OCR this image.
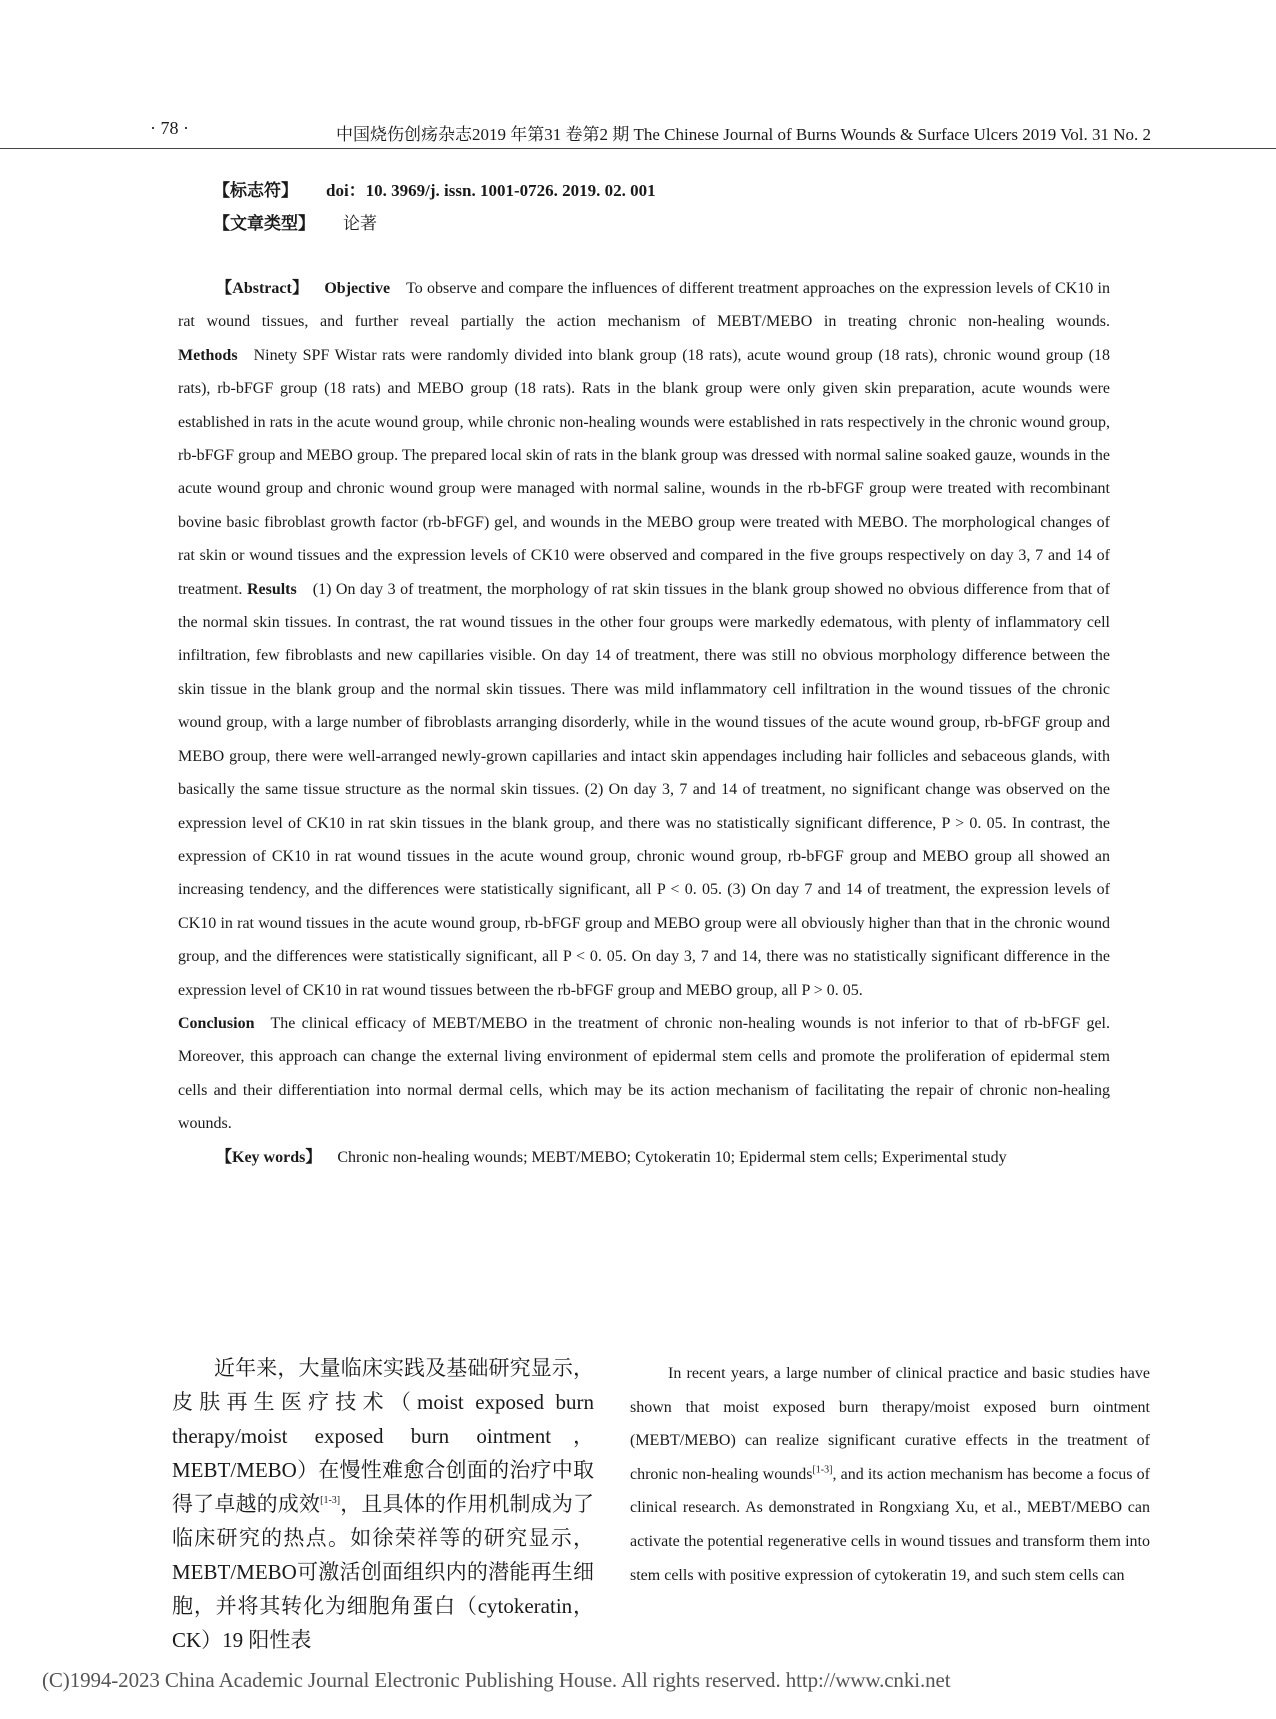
· 78 ·	中国烧伤创疡杂志2019 年第31 卷第2 期 The Chinese Journal of Burns Wounds & Surface Ulcers 2019 Vol. 31 No. 2
【标志符】 doi：10. 3969/j. issn. 1001-0726. 2019. 02. 001
【文章类型】 论著

【Abstract】 Objective To observe and compare the influences of different treatment approaches on the expression levels of CK10 in rat wound tissues, and further reveal partially the action mechanism of MEBT/MEBO in treating chronic non-healing wounds. Methods Ninety SPF Wistar rats were randomly divided into blank group (18 rats), acute wound group (18 rats), chronic wound group (18 rats), rb-bFGF group (18 rats) and MEBO group (18 rats). Rats in the blank group were only given skin preparation, acute wounds were established in rats in the acute wound group, while chronic non-healing wounds were established in rats respectively in the chronic wound group, rb-bFGF group and MEBO group. The prepared local skin of rats in the blank group was dressed with normal saline soaked gauze, wounds in the acute wound group and chronic wound group were managed with normal saline, wounds in the rb-bFGF group were treated with recombinant bovine basic fibroblast growth factor (rb-bFGF) gel, and wounds in the MEBO group were treated with MEBO. The morphological changes of rat skin or wound tissues and the expression levels of CK10 were observed and compared in the five groups respectively on day 3, 7 and 14 of treatment. Results (1) On day 3 of treatment, the morphology of rat skin tissues in the blank group showed no obvious difference from that of the normal skin tissues. In contrast, the rat wound tissues in the other four groups were markedly edematous, with plenty of inflammatory cell infiltration, few fibroblasts and new capillaries visible. On day 14 of treatment, there was still no obvious morphology difference between the skin tissue in the blank group and the normal skin tissues. There was mild inflammatory cell infiltration in the wound tissues of the chronic wound group, with a large number of fibroblasts arranging disorderly, while in the wound tissues of the acute wound group, rb-bFGF group and MEBO group, there were well-arranged newly-grown capillaries and intact skin appendages including hair follicles and sebaceous glands, with basically the same tissue structure as the normal skin tissues. (2) On day 3, 7 and 14 of treatment, no significant change was observed on the expression level of CK10 in rat skin tissues in the blank group, and there was no statistically significant difference, P > 0. 05. In contrast, the expression of CK10 in rat wound tissues in the acute wound group, chronic wound group, rb-bFGF group and MEBO group all showed an increasing tendency, and the differences were statistically significant, all P < 0. 05. (3) On day 7 and 14 of treatment, the expression levels of CK10 in rat wound tissues in the acute wound group, rb-bFGF group and MEBO group were all obviously higher than that in the chronic wound group, and the differences were statistically significant, all P < 0. 05. On day 3, 7 and 14, there was no statistically significant difference in the expression level of CK10 in rat wound tissues between the rb-bFGF group and MEBO group, all P > 0. 05.

Conclusion The clinical efficacy of MEBT/MEBO in the treatment of chronic non-healing wounds is not inferior to that of rb-bFGF gel. Moreover, this approach can change the external living environment of epidermal stem cells and promote the proliferation of epidermal stem cells and their differentiation into normal dermal cells, which may be its action mechanism of facilitating the repair of chronic non-healing wounds.

【Key words】 Chronic non-healing wounds; MEBT/MEBO; Cytokeratin 10; Epidermal stem cells; Experimental study

近年来，大量临床实践及基础研究显示，皮肤再生医疗技术（moist exposed burn therapy/moist exposed burn ointment，MEBT/MEBO）在慢性难愈合创面的治疗中取得了卓越的成效[1-3]，且具体的作用机制成为了临床研究的热点。如徐荣祥等的研究显示，MEBT/MEBO可激活创面组织内的潜能再生细胞，并将其转化为细胞角蛋白（cytokeratin，CK）19 阳性表

In recent years, a large number of clinical practice and basic studies have shown that moist exposed burn therapy/moist exposed burn ointment (MEBT/MEBO) can realize significant curative effects in the treatment of chronic non-healing wounds[1-3], and its action mechanism has become a focus of clinical research. As demonstrated in Rongxiang Xu, et al., MEBT/MEBO can activate the potential regenerative cells in wound tissues and transform them into stem cells with positive expression of cytokeratin 19, and such stem cells can

(C)1994-2023 China Academic Journal Electronic Publishing House. All rights reserved. http://www.cnki.net
